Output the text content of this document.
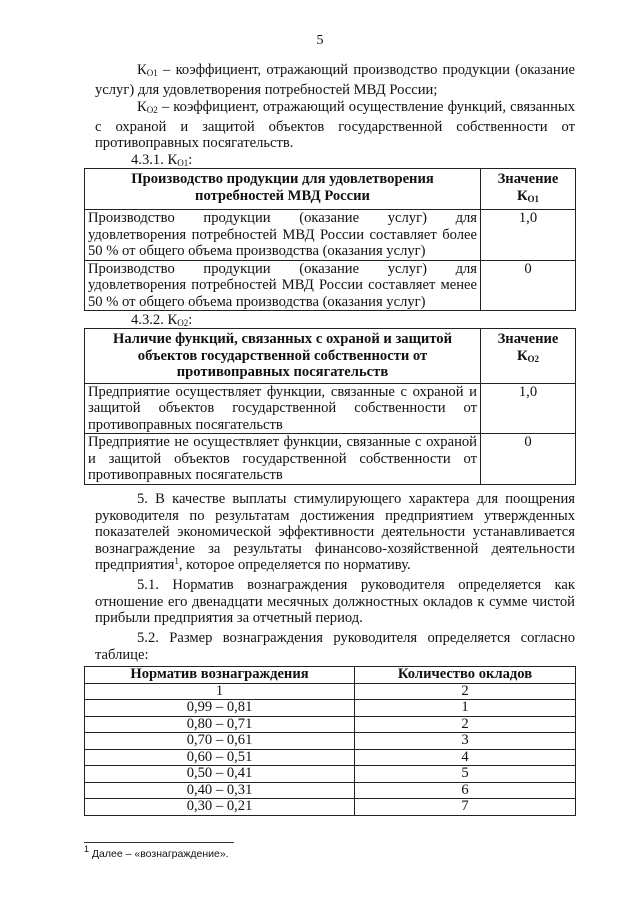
5
$К_{О1}$ – коэффициент, отражающий производство продукции (оказание услуг) для удовлетворения потребностей МВД России;
$К_{О2}$ – коэффициент, отражающий осуществление функций, связанных с охраной и защитой объектов государственной собственности от противоправных посягательств.
4.3.1. $К_{О1}$:
Производство продукции для удовлетворения потребностей МВД России	Значение $К_{О1}$
Производство продукции (оказание услуг) для удовлетворения потребностей МВД России составляет более 50 % от общего объема производства (оказания услуг)	1,0
Производство продукции (оказание услуг) для удовлетворения потребностей МВД России составляет менее 50 % от общего объема производства (оказания услуг)	0
4.3.2. $К_{О2}$:
Наличие функций, связанных с охраной и защитой объектов государственной собственности от противоправных посягательств	Значение $К_{О2}$
Предприятие осуществляет функции, связанные с охраной и защитой объектов государственной собственности от противоправных посягательств	1,0
Предприятие не осуществляет функции, связанные с охраной и защитой объектов государственной собственности от противоправных посягательств	0
5. В качестве выплаты стимулирующего характера для поощрения руководителя по результатам достижения предприятием утвержденных показателей экономической эффективности деятельности устанавливается вознаграждение за результаты финансово-хозяйственной деятельности предприятия$^1$, которое определяется по нормативу.
5.1. Норматив вознаграждения руководителя определяется как отношение его двенадцати месячных должностных окладов к сумме чистой прибыли предприятия за отчетный период.
5.2. Размер вознаграждения руководителя определяется согласно таблице:
Норматив вознаграждения	Количество окладов
1	2
0,99 – 0,81	1
0,80 – 0,71	2
0,70 – 0,61	3
0,60 – 0,51	4
0,50 – 0,41	5
0,40 – 0,31	6
0,30 – 0,21	7
$^1$ Далее – «вознаграждение».
